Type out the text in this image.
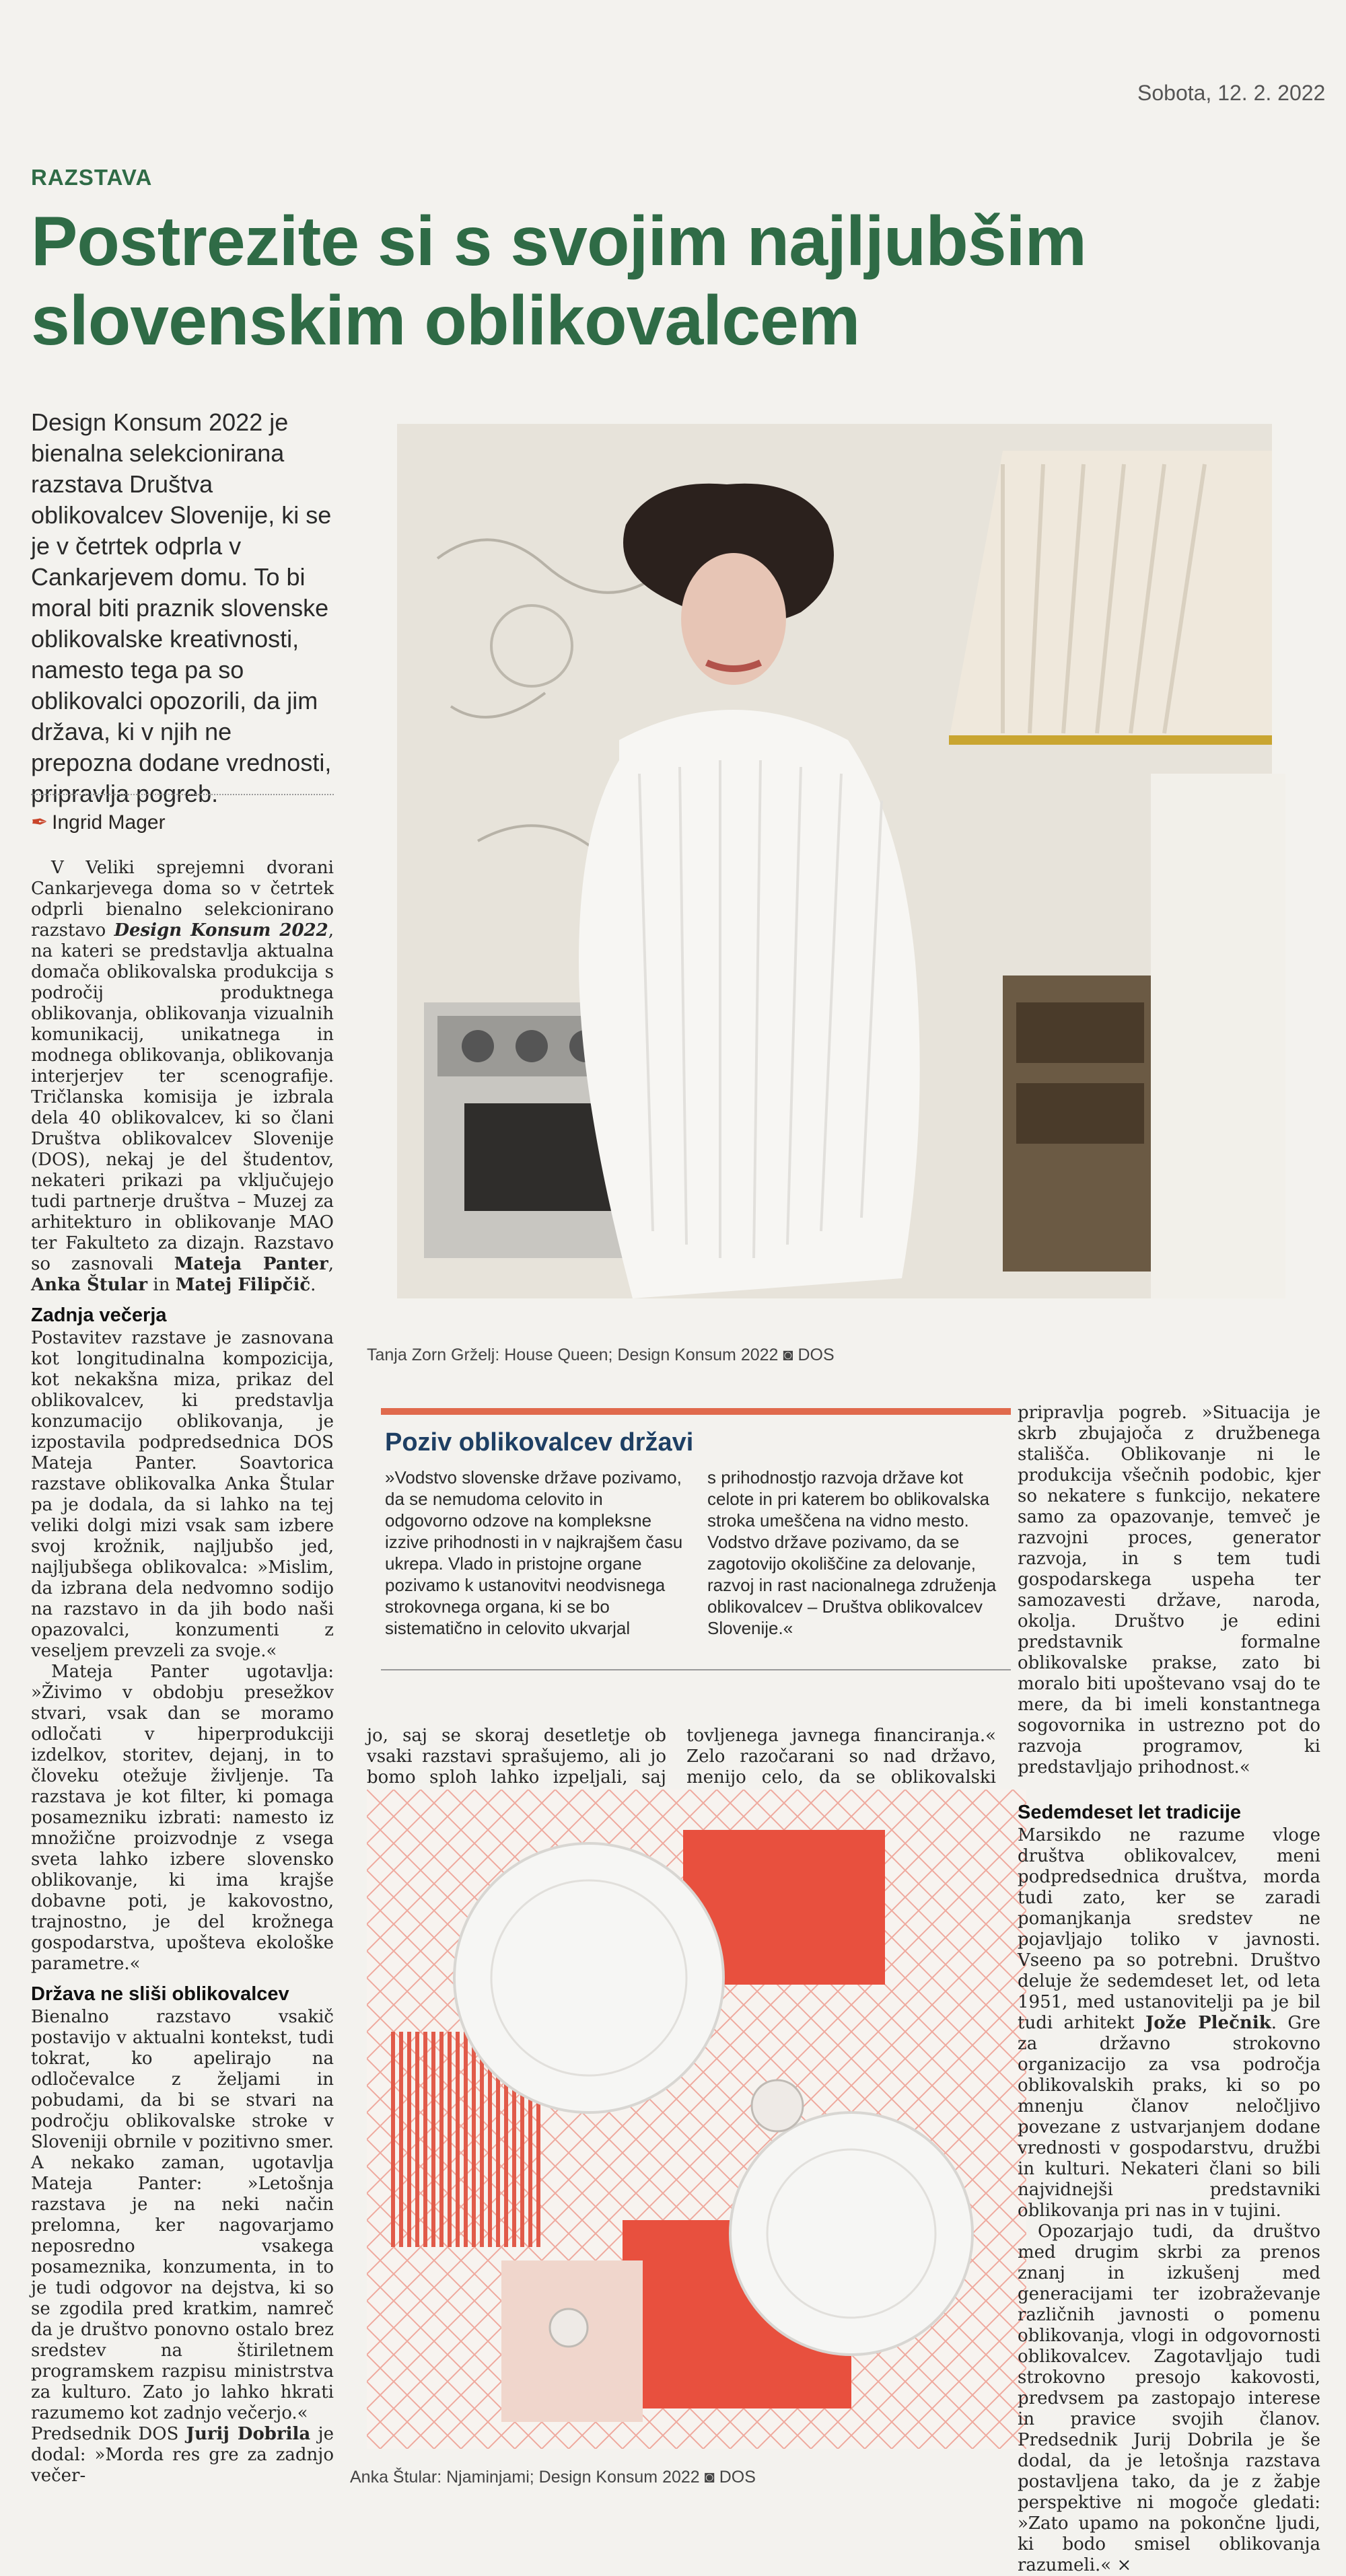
Sobota, 12. 2. 2022
RAZSTAVA
Postrezite si s svojim najljubšim slovenskim oblikovalcem
Design Konsum 2022 je bienalna selekcionirana razstava Društva oblikovalcev Slovenije, ki se je v četrtek odprla v Cankarjevem domu. To bi moral biti praznik slovenske oblikovalske kreativnosti, namesto tega pa so oblikovalci opozorili, da jim država, ki v njih ne prepozna dodane vrednosti, pripravlja pogreb.
✒ Ingrid Mager

V Veliki sprejemni dvorani Cankarjevega doma so v četrtek odprli bienalno selekcionirano razstavo Design Konsum 2022, na kateri se predstavlja aktualna domača oblikovalska produkcija s področij produktnega oblikovanja, oblikovanja vizualnih komunikacij, unikatnega in modnega oblikovanja, oblikovanja interjerjev ter scenografije. Tričlanska komisija je izbrala dela 40 oblikovalcev, ki so člani Društva oblikovalcev Slovenije (DOS), nekaj je del študentov, nekateri prikazi pa vključujejo tudi partnerje društva – Muzej za arhitekturo in oblikovanje MAO ter Fakulteto za dizajn. Razstavo so zasnovali Mateja Panter, Anka Štular in Matej Filipčič.

Zadnja večerja

Postavitev razstave je zasnovana kot longitudinalna kompozicija, kot nekakšna miza, prikaz del oblikovalcev, ki predstavlja konzumacijo oblikovanja, je izpostavila podpredsednica DOS Mateja Panter. Soavtorica razstave oblikovalka Anka Štular pa je dodala, da si lahko na tej veliki dolgi mizi vsak sam izbere svoj krožnik, najljubšo jed, najljubšega oblikovalca: »Mislim, da izbrana dela nedvomno sodijo na razstavo in da jih bodo naši opazovalci, konzumenti z veseljem prevzeli za svoje.«

Mateja Panter ugotavlja: »Živimo v obdobju presežkov stvari, vsak dan se moramo odločati v hiperprodukciji izdelkov, storitev, dejanj, in to človeku otežuje življenje. Ta razstava je kot filter, ki pomaga posamezniku izbrati: namesto iz množične proizvodnje z vsega sveta lahko izbere slovensko oblikovanje, ki ima krajše dobavne poti, je kakovostno, trajnostno, je del krožnega gospodarstva, upošteva ekološke parametre.«

Država ne sliši oblikovalcev

Bienalno razstavo vsakič postavijo v aktualni kontekst, tudi tokrat, ko apelirajo na odločevalce z željami in pobudami, da bi se stvari na področju oblikovalske stroke v Sloveniji obrnile v pozitivno smer. A nekako zaman, ugotavlja Mateja Panter: »Letošnja razstava je na neki način prelomna, ker nagovarjamo neposredno vsakega posameznika, konzumenta, in to je tudi odgovor na dejstva, ki so se zgodila pred kratkim, namreč da je društvo ponovno ostalo brez sredstev na štiriletnem programskem razpisu ministrstva za kulturo. Zato jo lahko hkrati razumemo kot zadnjo večerjo.«

Predsednik DOS Jurij Dobrila je dodal: »Morda res gre za zadnjo večer-

Tanja Zorn Grželj: House Queen; Design Konsum 2022 ◙ DOS
Poziv oblikovalcev državi
»Vodstvo slovenske države pozivamo, da se nemudoma celovito in odgovorno odzove na kompleksne izzive prihodnosti in v najkrajšem času ukrepa. Vlado in pristojne organe pozivamo k ustanovitvi neodvisnega strokovnega organa, ki se bo sistematično in celovito ukvarjal
s prihodnostjo razvoja države kot celote in pri katerem bo oblikovalska stroka umeščena na vidno mesto. Vodstvo države pozivamo, da se zagotovijo okoliščine za delovanje, razvoj in rast nacionalnega združenja oblikovalcev – Društva oblikovalcev Slovenije.«

jo, saj se skoraj desetletje ob vsaki razstavi sprašujemo, ali jo bomo sploh lahko izpeljali, saj

tovljenega javnega financiranja.« Zelo razočarani so nad državo, menijo celo, da se oblikovalski

Anka Štular: Njaminjami; Design Konsum 2022 ◙ DOS

pripravlja pogreb. »Situacija je skrb zbujajoča z družbenega stališča. Oblikovanje ni le produkcija všečnih podobic, kjer so nekatere s funkcijo, nekatere samo za opazovanje, temveč je razvojni proces, generator razvoja, in s tem tudi gospodarskega uspeha ter samozavesti države, naroda, okolja. Društvo je edini predstavnik formalne oblikovalske prakse, zato bi moralo biti upoštevano vsaj do te mere, da bi imeli konstantnega sogovornika in ustrezno pot do razvoja programov, ki predstavljajo prihodnost.«

Sedemdeset let tradicije

Marsikdo ne razume vloge društva oblikovalcev, meni podpredsednica društva, morda tudi zato, ker se zaradi pomanjkanja sredstev ne pojavljajo toliko v javnosti. Vseeno pa so potrebni. Društvo deluje že sedemdeset let, od leta 1951, med ustanovitelji pa je bil tudi arhitekt Jože Plečnik. Gre za državno strokovno organizacijo za vsa področja oblikovalskih praks, ki so po mnenju članov neločljivo povezane z ustvarjanjem dodane vrednosti v gospodarstvu, družbi in kulturi. Nekateri člani so bili najvidnejši predstavniki oblikovanja pri nas in v tujini.

Opozarjajo tudi, da društvo med drugim skrbi za prenos znanj in izkušenj med generacijami ter izobraževanje različnih javnosti o pomenu oblikovanja, vlogi in odgovornosti oblikovalcev. Zagotavljajo tudi strokovno presojo kakovosti, predvsem pa zastopajo interese in pravice svojih članov. Predsednik Jurij Dobrila je še dodal, da je letošnja razstava postavljena tako, da je z žabje perspektive ni mogoče gledati: »Zato upamo na pokončne ljudi, ki bodo smisel oblikovanja razumeli.« ×
